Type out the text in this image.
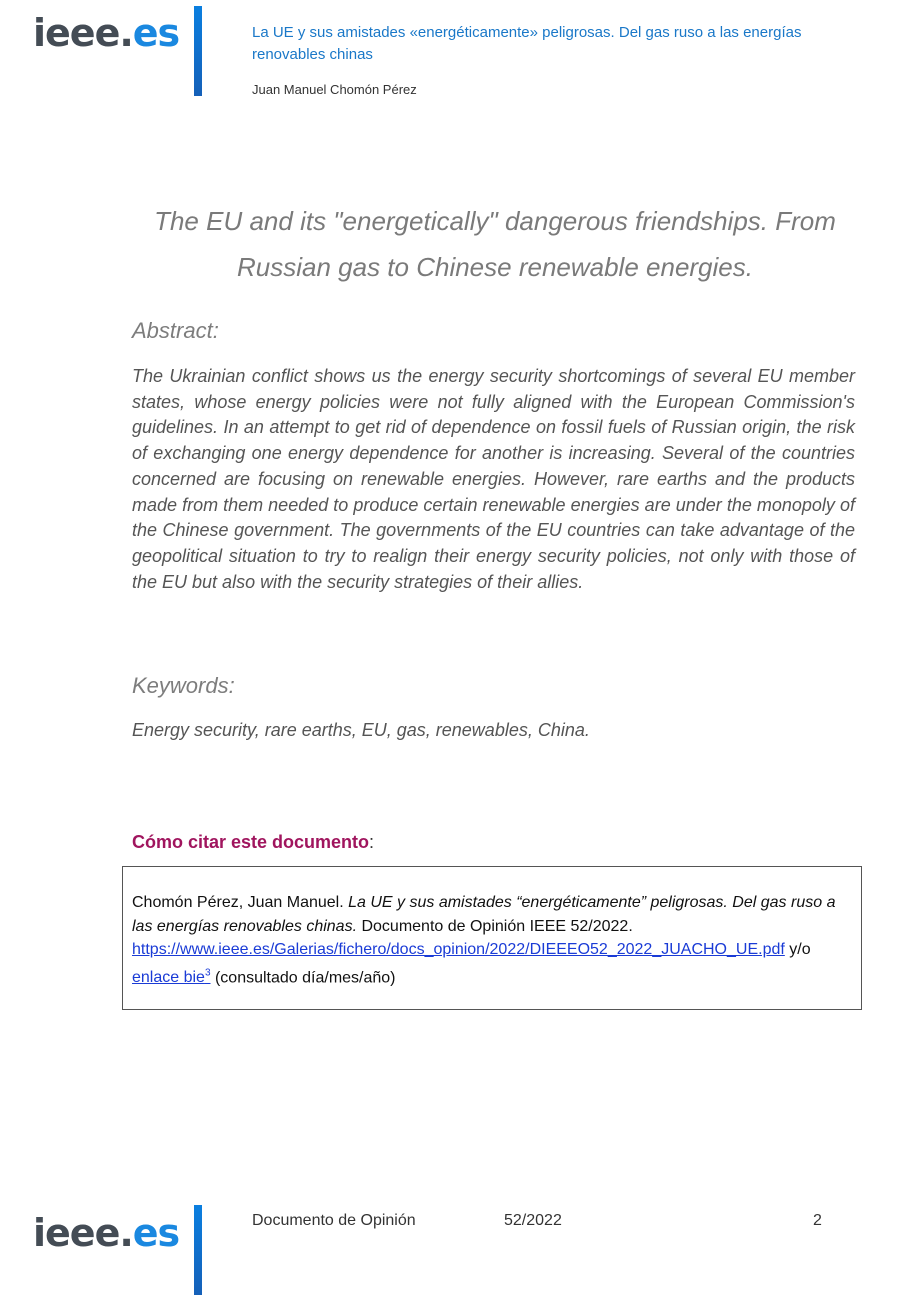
ieee.es	La UE y sus amistades «energéticamente» peligrosas. Del gas ruso a las energías renovables chinas
Juan Manuel Chomón Pérez
The EU and its "energetically" dangerous friendships. From Russian gas to Chinese renewable energies.
Abstract:
The Ukrainian conflict shows us the energy security shortcomings of several EU member states, whose energy policies were not fully aligned with the European Commission's guidelines. In an attempt to get rid of dependence on fossil fuels of Russian origin, the risk of exchanging one energy dependence for another is increasing. Several of the countries concerned are focusing on renewable energies. However, rare earths and the products made from them needed to produce certain renewable energies are under the monopoly of the Chinese government. The governments of the EU countries can take advantage of the geopolitical situation to try to realign their energy security policies, not only with those of the EU but also with the security strategies of their allies.
Keywords:
Energy security, rare earths, EU, gas, renewables, China.
Cómo citar este documento:
Chomón Pérez, Juan Manuel. La UE y sus amistades “energéticamente” peligrosas. Del gas ruso a las energías renovables chinas. Documento de Opinión IEEE 52/2022.
https://www.ieee.es/Galerias/fichero/docs_opinion/2022/DIEEEO52_2022_JUACHO_UE.pdf y/o
enlace bie$^3$ (consultado día/mes/año)
ieee.es	Documento de Opinión	52/2022	2
